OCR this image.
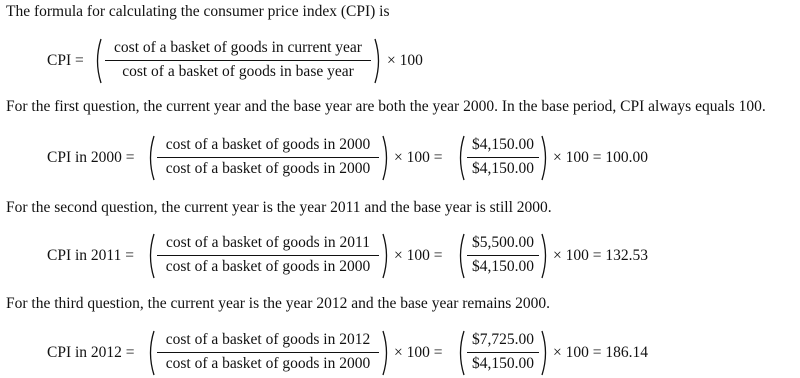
The formula for calculating the consumer price index (CPI) is
CPI =
cost of a basket of goods in current year
cost of a basket of goods in base year
× 100
For the first question, the current year and the base year are both the year 2000. In the base period, CPI always equals 100.
CPI in 2000 =
cost of a basket of goods in 2000
cost of a basket of goods in 2000
× 100 =
$4,150.00
$4,150.00
× 100 = 100.00
For the second question, the current year is the year 2011 and the base year is still 2000.
CPI in 2011 =
cost of a basket of goods in 2011
cost of a basket of goods in 2000
× 100 =
$5,500.00
$4,150.00
× 100 = 132.53
For the third question, the current year is the year 2012 and the base year remains 2000.
CPI in 2012 =
cost of a basket of goods in 2012
cost of a basket of goods in 2000
× 100 =
$7,725.00
$4,150.00
× 100 = 186.14
